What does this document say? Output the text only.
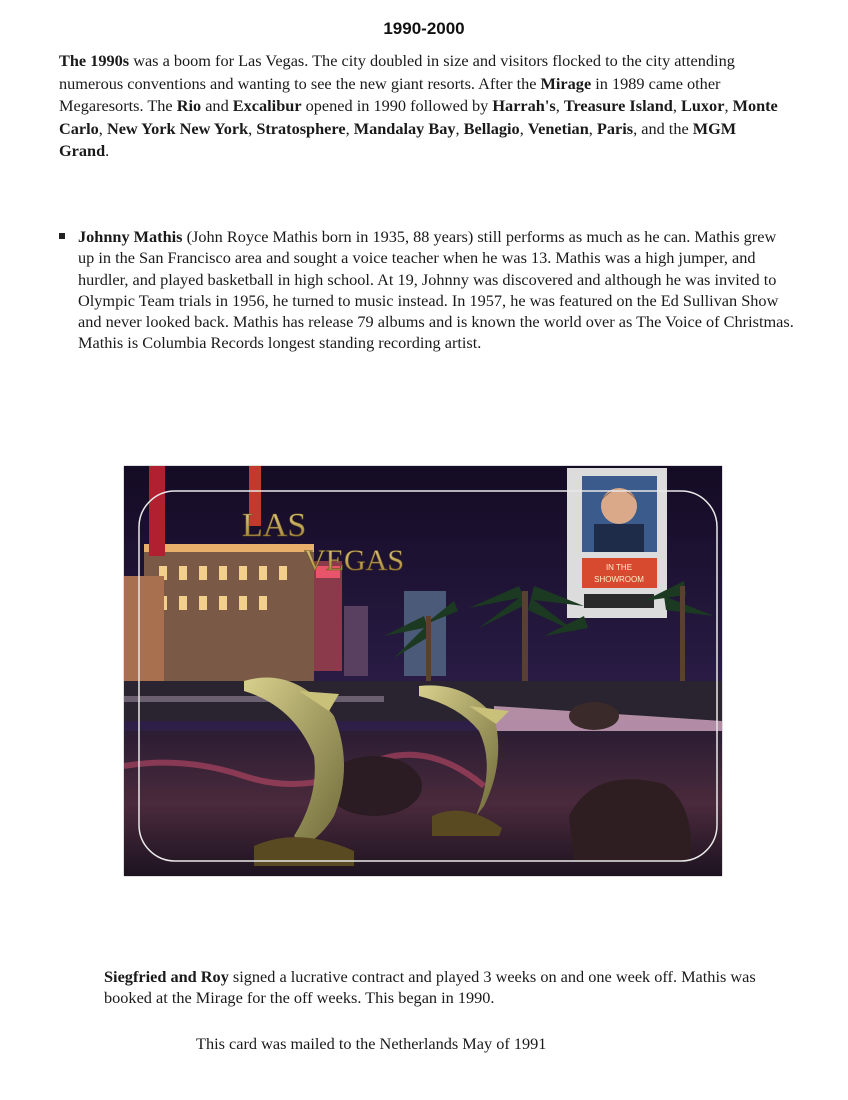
1990-2000

The 1990s was a boom for Las Vegas. The city doubled in size and visitors flocked to the city attending numerous conventions and wanting to see the new giant resorts. After the Mirage in 1989 came other Megaresorts. The Rio and Excalibur opened in 1990 followed by Harrah's, Treasure Island, Luxor, Monte Carlo, New York New York, Stratosphere, Mandalay Bay, Bellagio, Venetian, Paris, and the MGM Grand.

Johnny Mathis (John Royce Mathis born in 1935, 88 years) still performs as much as he can. Mathis grew up in the San Francisco area and sought a voice teacher when he was 13. Mathis was a high jumper, and hurdler, and played basketball in high school. At 19, Johnny was discovered and although he was invited to Olympic Team trials in 1956, he turned to music instead. In 1957, he was featured on the Ed Sullivan Show and never looked back. Mathis has release 79 albums and is known the world over as The Voice of Christmas. Mathis is Columbia Records longest standing recording artist.
IN THE
SHOWROOM
LAS
VEGAS

Siegfried and Roy signed a lucrative contract and played 3 weeks on and one week off. Mathis was booked at the Mirage for the off weeks. This began in 1990.

This card was mailed to the Netherlands May of 1991
